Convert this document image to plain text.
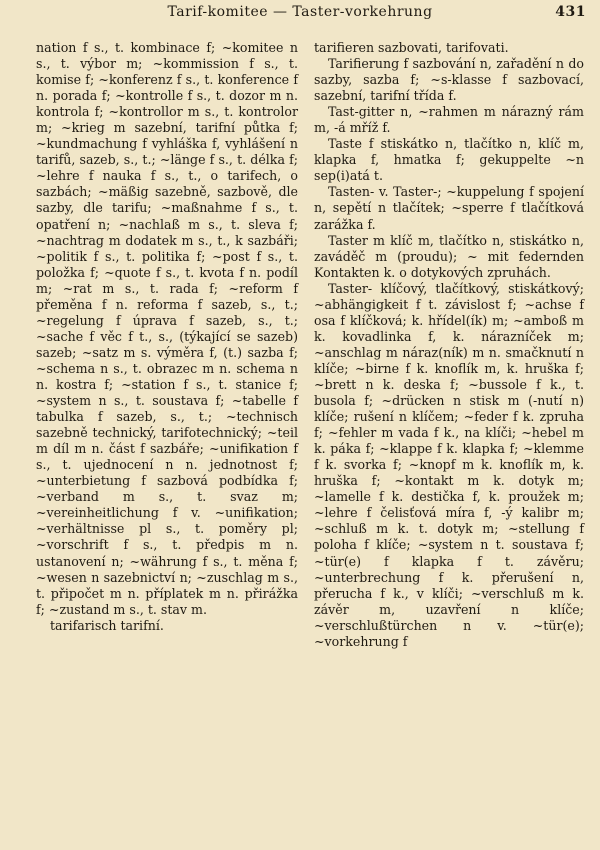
Tarif-komitee — Taster-vorkehrung	431

nation f s., t. kombinace f; ~komitee n s., t. výbor m; ~kommission f s., t. komise f; ~konferenz f s., t. konference f n. porada f; ~kontrolle f s., t. dozor m n. kontrola f; ~kontrollor m s., t. kontrolor m; ~krieg m sazební, tarifní půtka f; ~kundmachung f vyhláška f, vyhlášení n tarifů, sazeb, s., t.; ~länge f s., t. délka f; ~lehre f nauka f s., t., o tarifech, o sazbách; ~mäßig sazebně, sazbově, dle sazby, dle tarifu; ~maßnahme f s., t. opatření n; ~nachlaß m s., t. sleva f; ~nachtrag m dodatek m s., t., k sazbáři; ~politik f s., t. politika f; ~post f s., t. položka f; ~quote f s., t. kvota f n. podíl m; ~rat m s., t. rada f; ~reform f přeměna f n. reforma f sazeb, s., t.; ~regelung f úprava f sazeb, s., t.; ~sache f věc f t., s., (týkající se sazeb) sazeb; ~satz m s. výměra f, (t.) sazba f; ~schema n s., t. obrazec m n. schema n n. kostra f; ~station f s., t. stanice f; ~system n s., t. soustava f; ~tabelle f tabulka f sazeb, s., t.; ~technisch sazebně technický, tarifotechnický; ~teil m díl m n. část f sazbáře; ~unifikation f s., t. ujednocení n n. jednotnost f; ~unterbietung f sazbová podbídka f; ~verband m s., t. svaz m; ~vereinheitlichung f v. ~unifikation; ~verhältnisse pl s., t. poměry pl; ~vorschrift f s., t. předpis m n. ustanovení n; ~währung f s., t. měna f; ~wesen n sazebnictví n; ~zuschlag m s., t. připočet m n. příplatek m n. přirážka f; ~zustand m s., t. stav m.

tarifarisch tarifní.

tarifieren sazbovati, tarifovati.

Tarifierung f sazbování n, zařadění n do sazby, sazba f; ~s-klasse f sazbovací, sazební, tarifní třída f.

Tast-gitter n, ~rahmen m nárazný rám m, -á mříž f.

Taste f stiskátko n, tlačítko n, klíč m, klapka f, hmatka f; gekuppelte ~n sep(i)atá t.

Tasten- v. Taster-; ~kuppelung f spojení n, sepětí n tlačítek; ~sperre f tlačítková zarážka f.

Taster m klíč m, tlačítko n, stiskátko n, zaváděč m (proudu); ~ mit federnden Kontakten k. o dotykových zpruhách.

Taster- klíčový, tlačítkový, stiskátkový; ~abhängigkeit f t. závislost f; ~achse f osa f klíčková; k. hřídel(ík) m; ~amboß m k. kovadlinka f, k. nárazníček m; ~anschlag m náraz(ník) m n. smačknutí n klíče; ~birne f k. knoflík m, k. hruška f; ~brett n k. deska f; ~bussole f k., t. busola f; ~drücken n stisk m (-nutí n) klíče; rušení n klíčem; ~feder f k. zpruha f; ~fehler m vada f k., na klíči; ~hebel m k. páka f; ~klappe f k. klapka f; ~klemme f k. svorka f; ~knopf m k. knoflík m, k. hruška f; ~kontakt m k. dotyk m; ~lamelle f k. destička f, k. proužek m; ~lehre f čelisťová míra f, -ý kalibr m; ~schluß m k. t. dotyk m; ~stellung f poloha f klíče; ~system n t. soustava f; ~tür(e) f klapka f t. závěru; ~unterbrechung f k. přerušení n, přerucha f k., v klíči; ~verschluß m k. závěr m, uzavření n klíče; ~verschlußtürchen n v. ~tür(e); ~vorkehrung f
